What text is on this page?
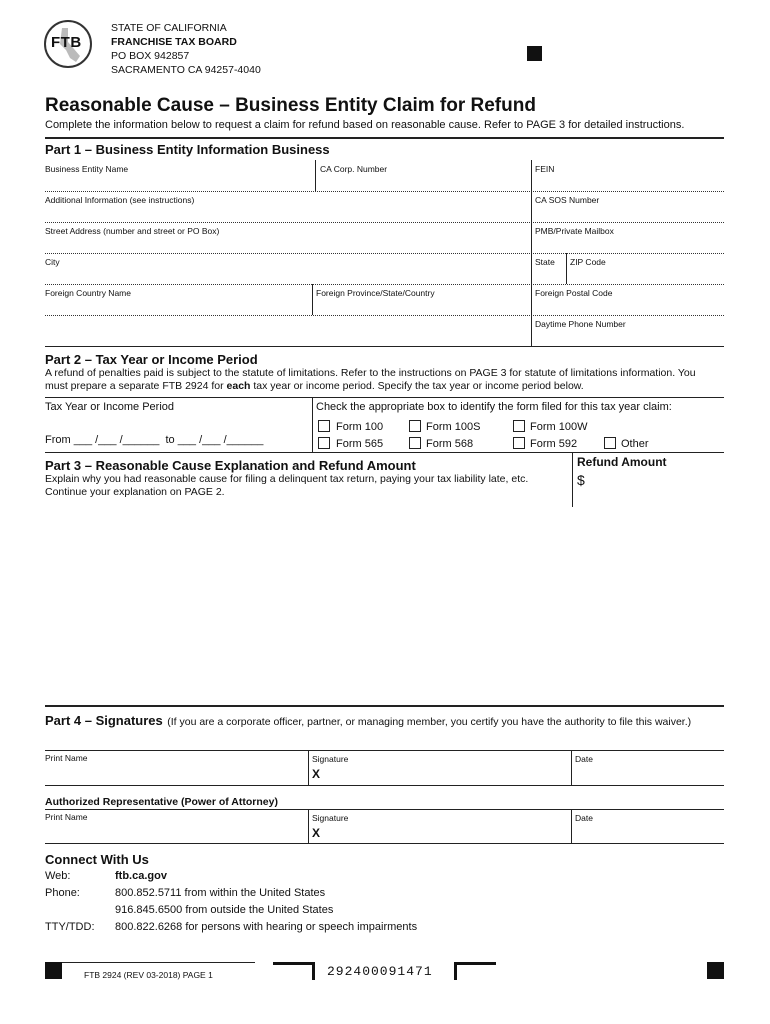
FTB
STATE OF CALIFORNIA
FRANCHISE TAX BOARD
PO BOX 942857
SACRAMENTO CA 94257-4040
Reasonable Cause – Business Entity Claim for Refund
Complete the information below to request a claim for refund based on reasonable cause. Refer to PAGE 3 for detailed instructions.
Part 1 – Business Entity Information Business
Business Entity Name	CA Corp. Number	FEIN
Additional Information (see instructions)	CA SOS Number
Street Address (number and street or PO Box)	PMB/Private Mailbox
City	State ZIP Code
Foreign Country Name	Foreign Province/State/Country	Foreign Postal Code
Daytime Phone Number
Part 2 – Tax Year or Income Period
A refund of penalties paid is subject to the statute of limitations. Refer to the instructions on PAGE 3 for statute of limitations information. You
must prepare a separate FTB 2924 for each tax year or income period. Specify the tax year or income period below.
Tax Year or Income Period
From ___ /___ /______  to ___ /___ /______
Check the appropriate box to identify the form filed for this tax year claim:
Form 100	Form 100S	Form 100W
Form 565	Form 568	Form 592	Other
Part 3 – Reasonable Cause Explanation and Refund Amount
Explain why you had reasonable cause for filing a delinquent tax return, paying your tax liability late, etc.
Continue your explanation on PAGE 2.
Refund Amount
$
Part 4 – Signatures (If you are a corporate officer, partner, or managing member, you certify you have the authority to file this waiver.)
Print Name	Signature
X
Date
Authorized Representative (Power of Attorney)
Print Name	Signature
X
Date
Connect With Us
Web:	ftb.ca.gov
Phone:	800.852.5711 from within the United States
916.845.6500 from outside the United States
TTY/TDD: 800.822.6268 for persons with hearing or speech impairments
FTB 2924 (REV 03-2018) PAGE 1	292400091471
